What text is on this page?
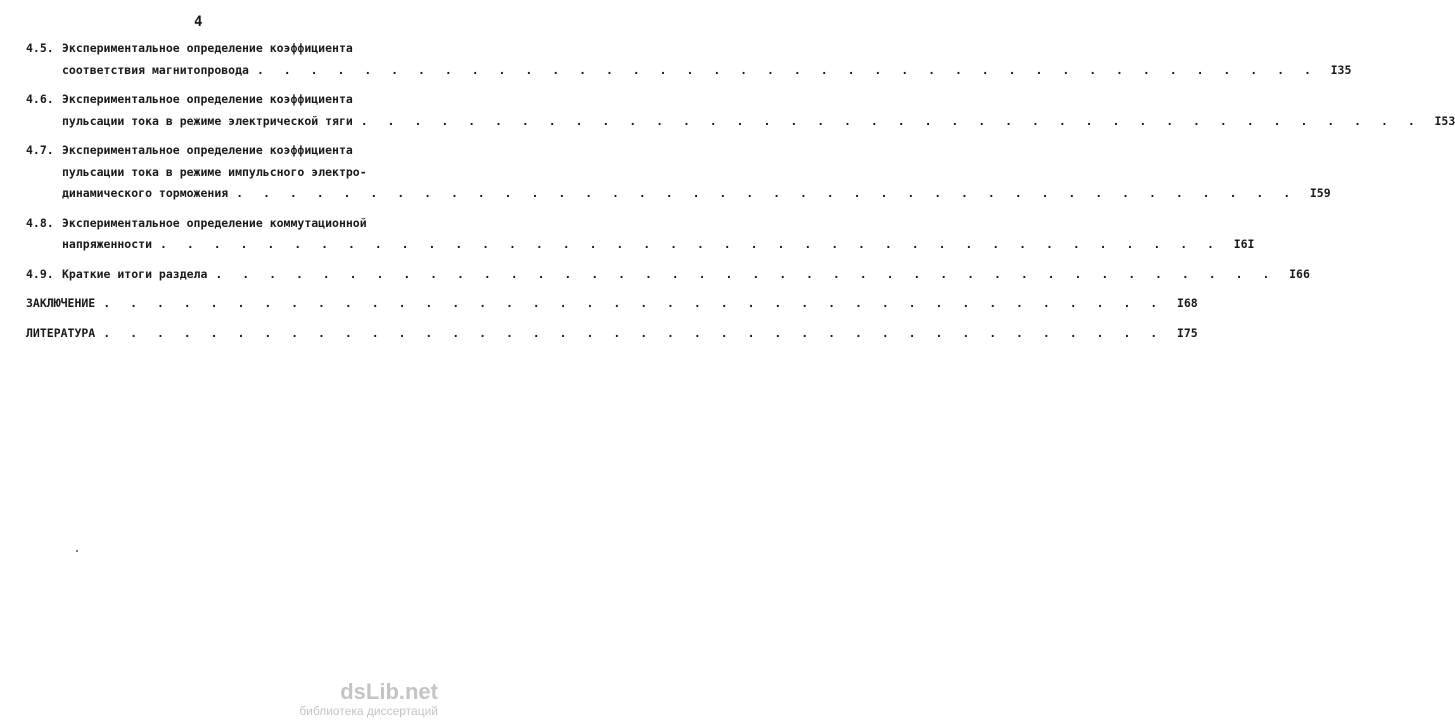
4
4.5. Экспериментальное определение коэффициента
соответствия магнитопровода . . . . . . . . . . . . . . . . . . . . . . . . . . . . . . . . . . . . . . . .	I35
4.6. Экспериментальное определение коэффициента
пульсации тока в режиме электрической тяги . . . . . . . . . . . . . . . . . . . . . . . . . . . . . . . . . . . . . . . .	I53
4.7. Экспериментальное определение коэффициента
пульсации тока в режиме импульсного электро-
динамического торможения . . . . . . . . . . . . . . . . . . . . . . . . . . . . . . . . . . . . . . . .	I59
4.8. Экспериментальное определение коммутационной
напряженности . . . . . . . . . . . . . . . . . . . . . . . . . . . . . . . . . . . . . . . .	I6I
4.9. Краткие итоги раздела . . . . . . . . . . . . . . . . . . . . . . . . . . . . . . . . . . . . . . . .	I66
ЗАКЛЮЧЕНИЕ . . . . . . . . . . . . . . . . . . . . . . . . . . . . . . . . . . . . . . . .	I68
ЛИТЕРАТУРА . . . . . . . . . . . . . . . . . . . . . . . . . . . . . . . . . . . . . . . .	I75
dsLib.net
библиотека диссертаций
